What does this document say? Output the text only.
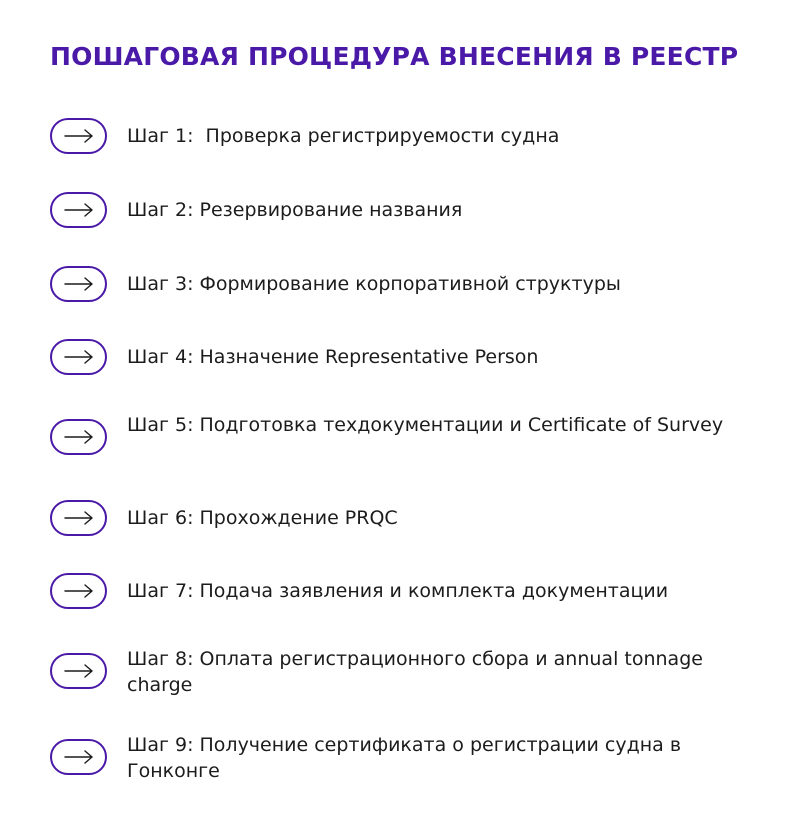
ПОШАГОВАЯ ПРОЦЕДУРА ВНЕСЕНИЯ В РЕЕСТР
Шаг 1:  Проверка регистрируемости судна
Шаг 2: Резервирование названия
Шаг 3: Формирование корпоративной структуры
Шаг 4: Назначение Representative Person
Шаг 5: Подготовка техдокументации и Certificate of Survey
Шаг 6: Прохождение PRQC
Шаг 7: Подача заявления и комплекта документации
Шаг 8: Оплата регистрационного сбора и annual tonnage charge
Шаг 9: Получение сертификата о регистрации судна в Гонконге
